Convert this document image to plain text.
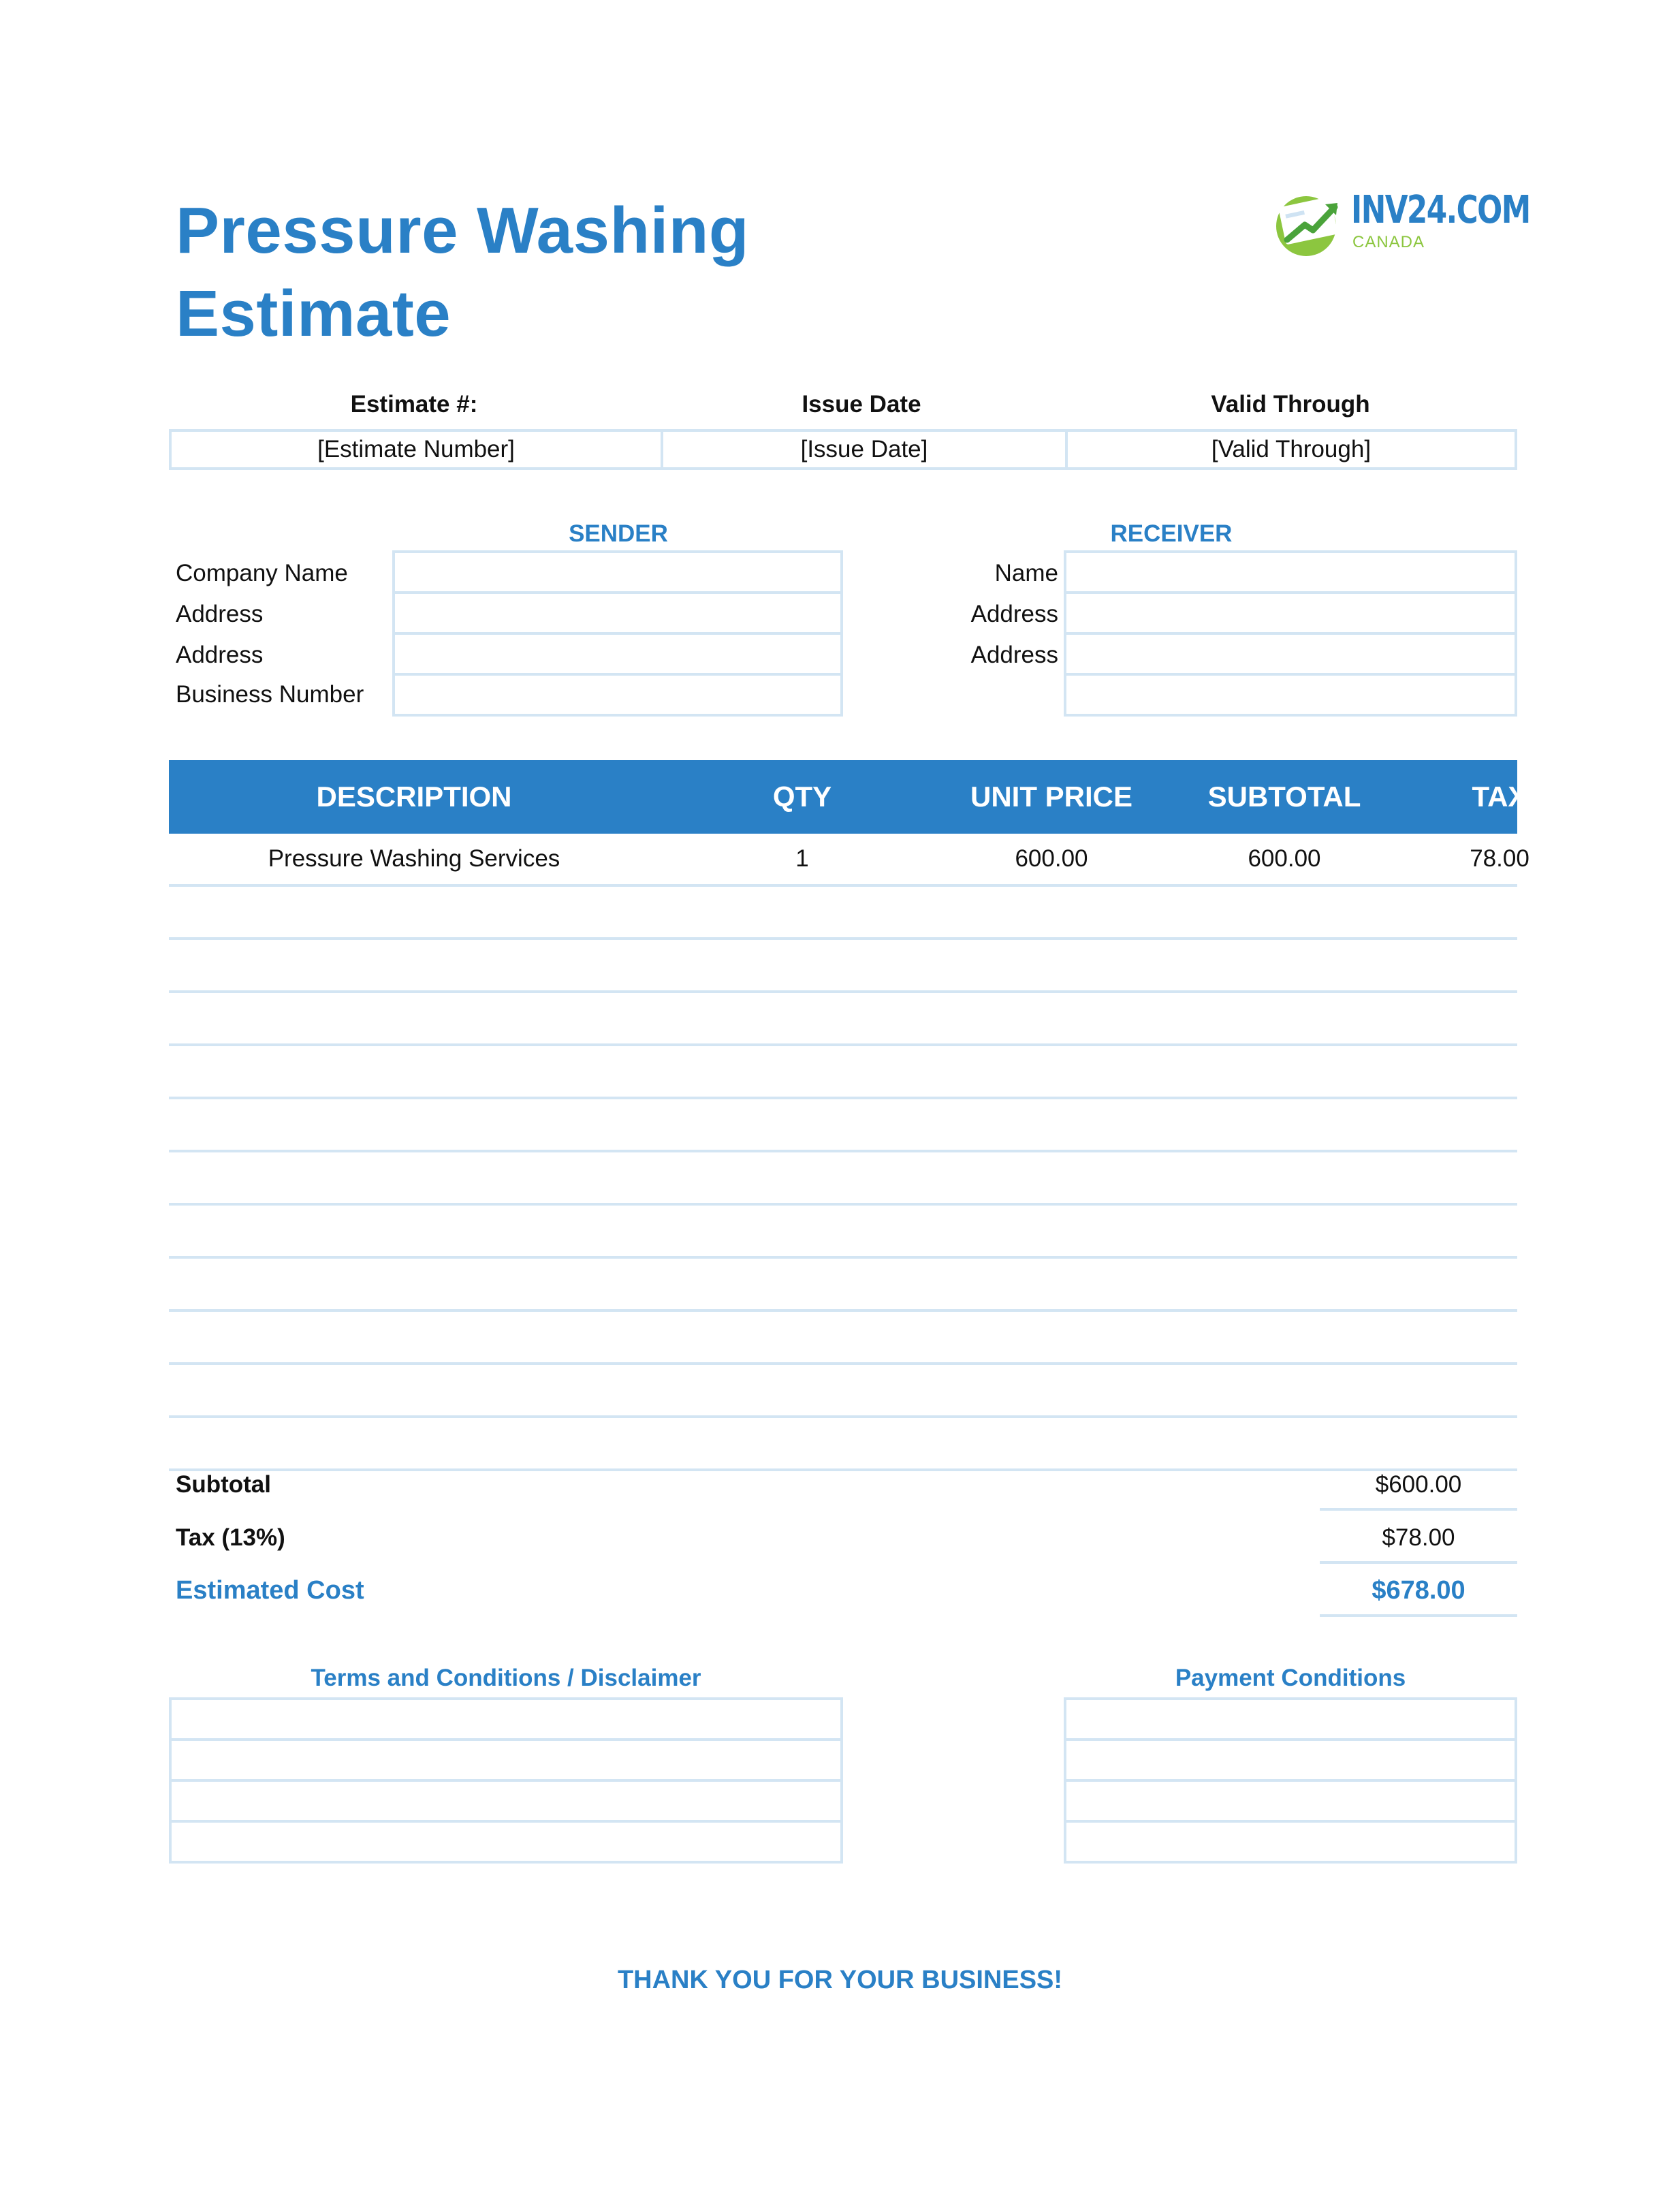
Pressure Washing
Estimate
INV24.COM
CANADA
Estimate #:	Issue Date	Valid Through
[Estimate Number]	[Issue Date]	[Valid Through]
SENDER
Company Name
Address
Address
Business Number
RECEIVER
Name
Address
Address
DESCRIPTION	QTY	UNIT PRICE	SUBTOTAL	TAX
Pressure Washing Services	1	600.00	600.00	78.00
Subtotal	$600.00
Tax (13%)	$78.00
Estimated Cost	$678.00
Terms and Conditions / Disclaimer	Payment Conditions
THANK YOU FOR YOUR BUSINESS!
